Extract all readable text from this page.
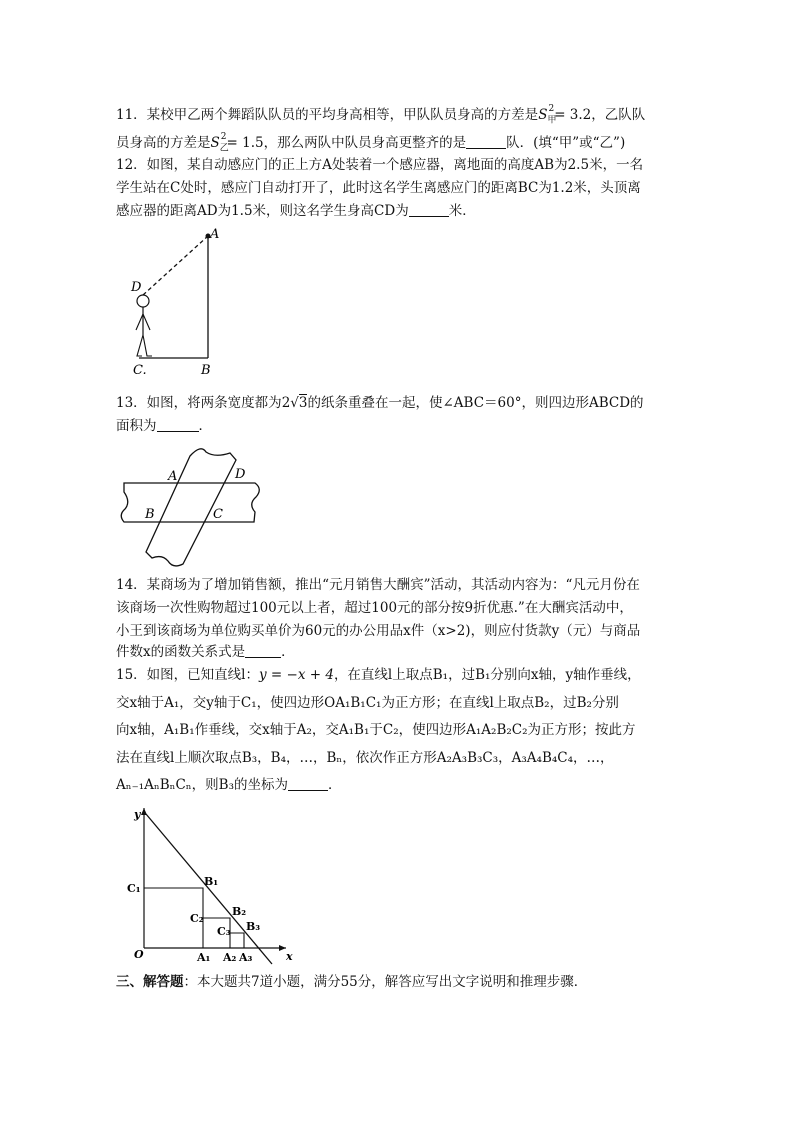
11．某校甲乙两个舞蹈队队员的平均身高相等，甲队队员身高的方差是$S_甲^2= 3.2$，乙队队
员身高的方差是$S_乙^2= 1.5$，那么两队中队员身高更整齐的是	队．(填“甲”或“乙”)
12．如图，某自动感应门的正上方A处装着一个感应器，离地面的高度AB为2.5米，一名
学生站在C处时，感应门自动打开了，此时这名学生离感应门的距离BC为1.2米，头顶离
感应器的距离AD为1.5米，则这名学生身高CD为	米．
A
D
C.	B
13．如图，将两条宽度都为2√3的纸条重叠在一起，使∠ABC＝60°，则四边形ABCD的
面积为	．
A	D
B	C
14．某商场为了增加销售额，推出“元月销售大酬宾”活动，其活动内容为：“凡元月份在
该商场一次性购物超过100元以上者，超过100元的部分按9折优惠.”在大酬宾活动中，
小王到该商场为单位购买单价为60元的办公用品x件（x>2)，则应付货款y（元）与商品
件数x的函数关系式是	．
15．如图，已知直线l：y = −x + 4，在直线l上取点B₁，过B₁分别向x轴，y轴作垂线，
交x轴于A₁，交y轴于C₁，使四边形OA₁B₁C₁为正方形；在直线l上取点B₂，过B₂分别
向x轴，A₁B₁作垂线，交x轴于A₂，交A₁B₁于C₂，使四边形A₁A₂B₂C₂为正方形；按此方
法在直线l上顺次取点B₃，B₄，…，Bₙ，依次作正方形A₂A₃B₃C₃，A₃A₄B₄C₄，…，
Aₙ₋₁AₙBₙCₙ，则B₃的坐标为	．
y
x
O
C₁
C₂
C₃
B₁
B₂
B₃
A₁ A₂ A₃
三、解答题：本大题共7道小题，满分55分，解答应写出文字说明和推理步骤．
